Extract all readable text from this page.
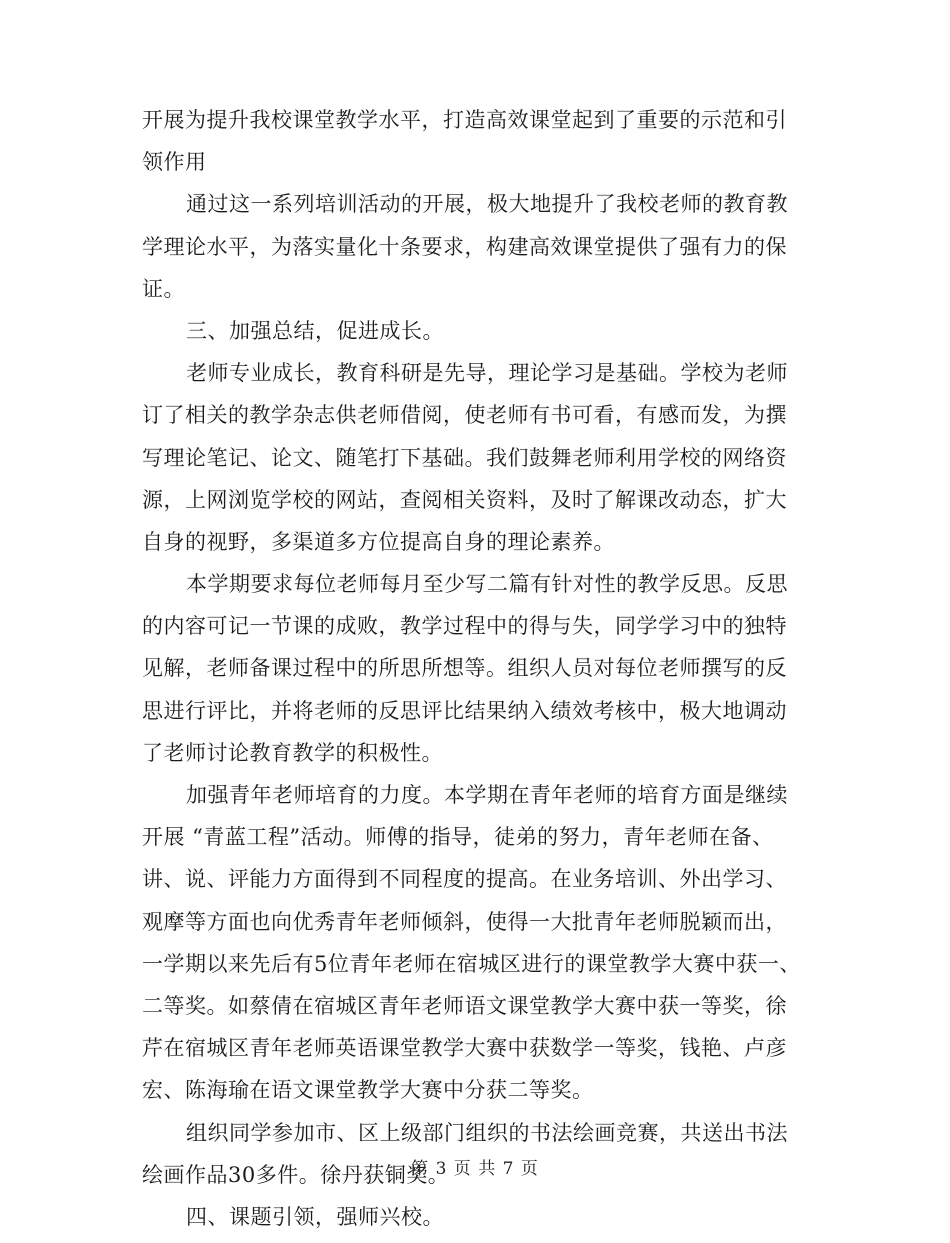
开展为提升我校课堂教学水平，打造高效课堂起到了重要的示范和引
领作用
通过这一系列培训活动的开展，极大地提升了我校老师的教育教
学理论水平，为落实量化十条要求，构建高效课堂提供了强有力的保
证。
三、加强总结，促进成长。
老师专业成长，教育科研是先导，理论学习是基础。学校为老师
订了相关的教学杂志供老师借阅，使老师有书可看，有感而发，为撰
写理论笔记、论文、随笔打下基础。我们鼓舞老师利用学校的网络资
源，上网浏览学校的网站，查阅相关资料，及时了解课改动态，扩大
自身的视野，多渠道多方位提高自身的理论素养。
本学期要求每位老师每月至少写二篇有针对性的教学反思。反思
的内容可记一节课的成败，教学过程中的得与失，同学学习中的独特
见解，老师备课过程中的所思所想等。组织人员对每位老师撰写的反
思进行评比，并将老师的反思评比结果纳入绩效考核中，极大地调动
了老师讨论教育教学的积极性。
加强青年老师培育的力度。本学期在青年老师的培育方面是继续
开展 “青蓝工程”活动。师傅的指导，徒弟的努力，青年老师在备、
讲、说、评能力方面得到不同程度的提高。在业务培训、外出学习、
观摩等方面也向优秀青年老师倾斜，使得一大批青年老师脱颖而出，
一学期以来先后有5位青年老师在宿城区进行的课堂教学大赛中获一、
二等奖。如蔡倩在宿城区青年老师语文课堂教学大赛中获一等奖，徐
芹在宿城区青年老师英语课堂教学大赛中获数学一等奖，钱艳、卢彦
宏、陈海瑜在语文课堂教学大赛中分获二等奖。
组织同学参加市、区上级部门组织的书法绘画竞赛，共送出书法
绘画作品30多件。徐丹获铜奖。
四、课题引领，强师兴校。
第 3 页 共 7 页
